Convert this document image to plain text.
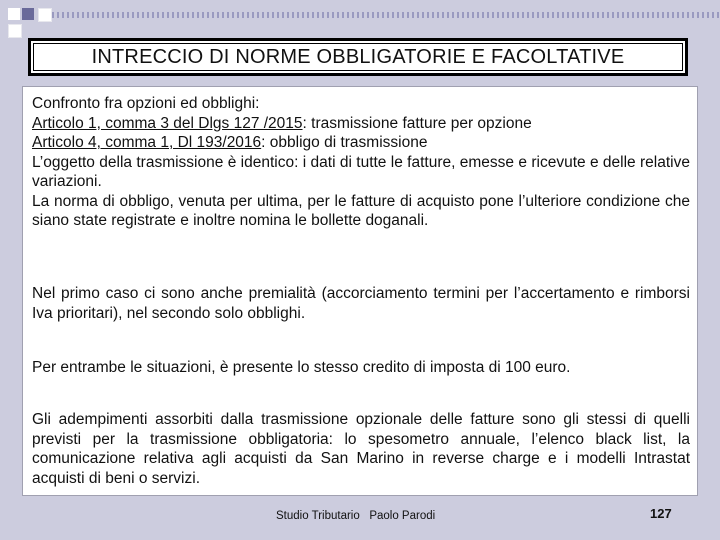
INTRECCIO DI NORME OBBLIGATORIE E FACOLTATIVE
Confronto fra opzioni ed obblighi:
Articolo 1, comma 3 del Dlgs 127 /2015: trasmissione fatture per opzione
Articolo 4, comma 1, Dl 193/2016: obbligo di trasmissione
L’oggetto della trasmissione è identico: i dati di tutte le fatture, emesse e ricevute e delle relative variazioni.
La norma di obbligo, venuta per ultima, per le fatture di acquisto pone l’ulteriore condizione che siano state registrate e inoltre nomina le bollette doganali.

Nel primo caso ci sono anche premialità (accorciamento termini per l’accertamento e rimborsi Iva prioritari), nel secondo solo obblighi.

Per entrambe le situazioni, è presente lo stesso credito di imposta di 100 euro.

Gli adempimenti assorbiti dalla trasmissione opzionale delle fatture sono gli stessi di quelli previsti per la trasmissione obbligatoria: lo spesometro annuale, l’elenco black list, la comunicazione relativa agli acquisti da San Marino in reverse charge e i modelli Intrastat acquisti di beni o servizi.

Studio Tributario   Paolo Parodi	127
